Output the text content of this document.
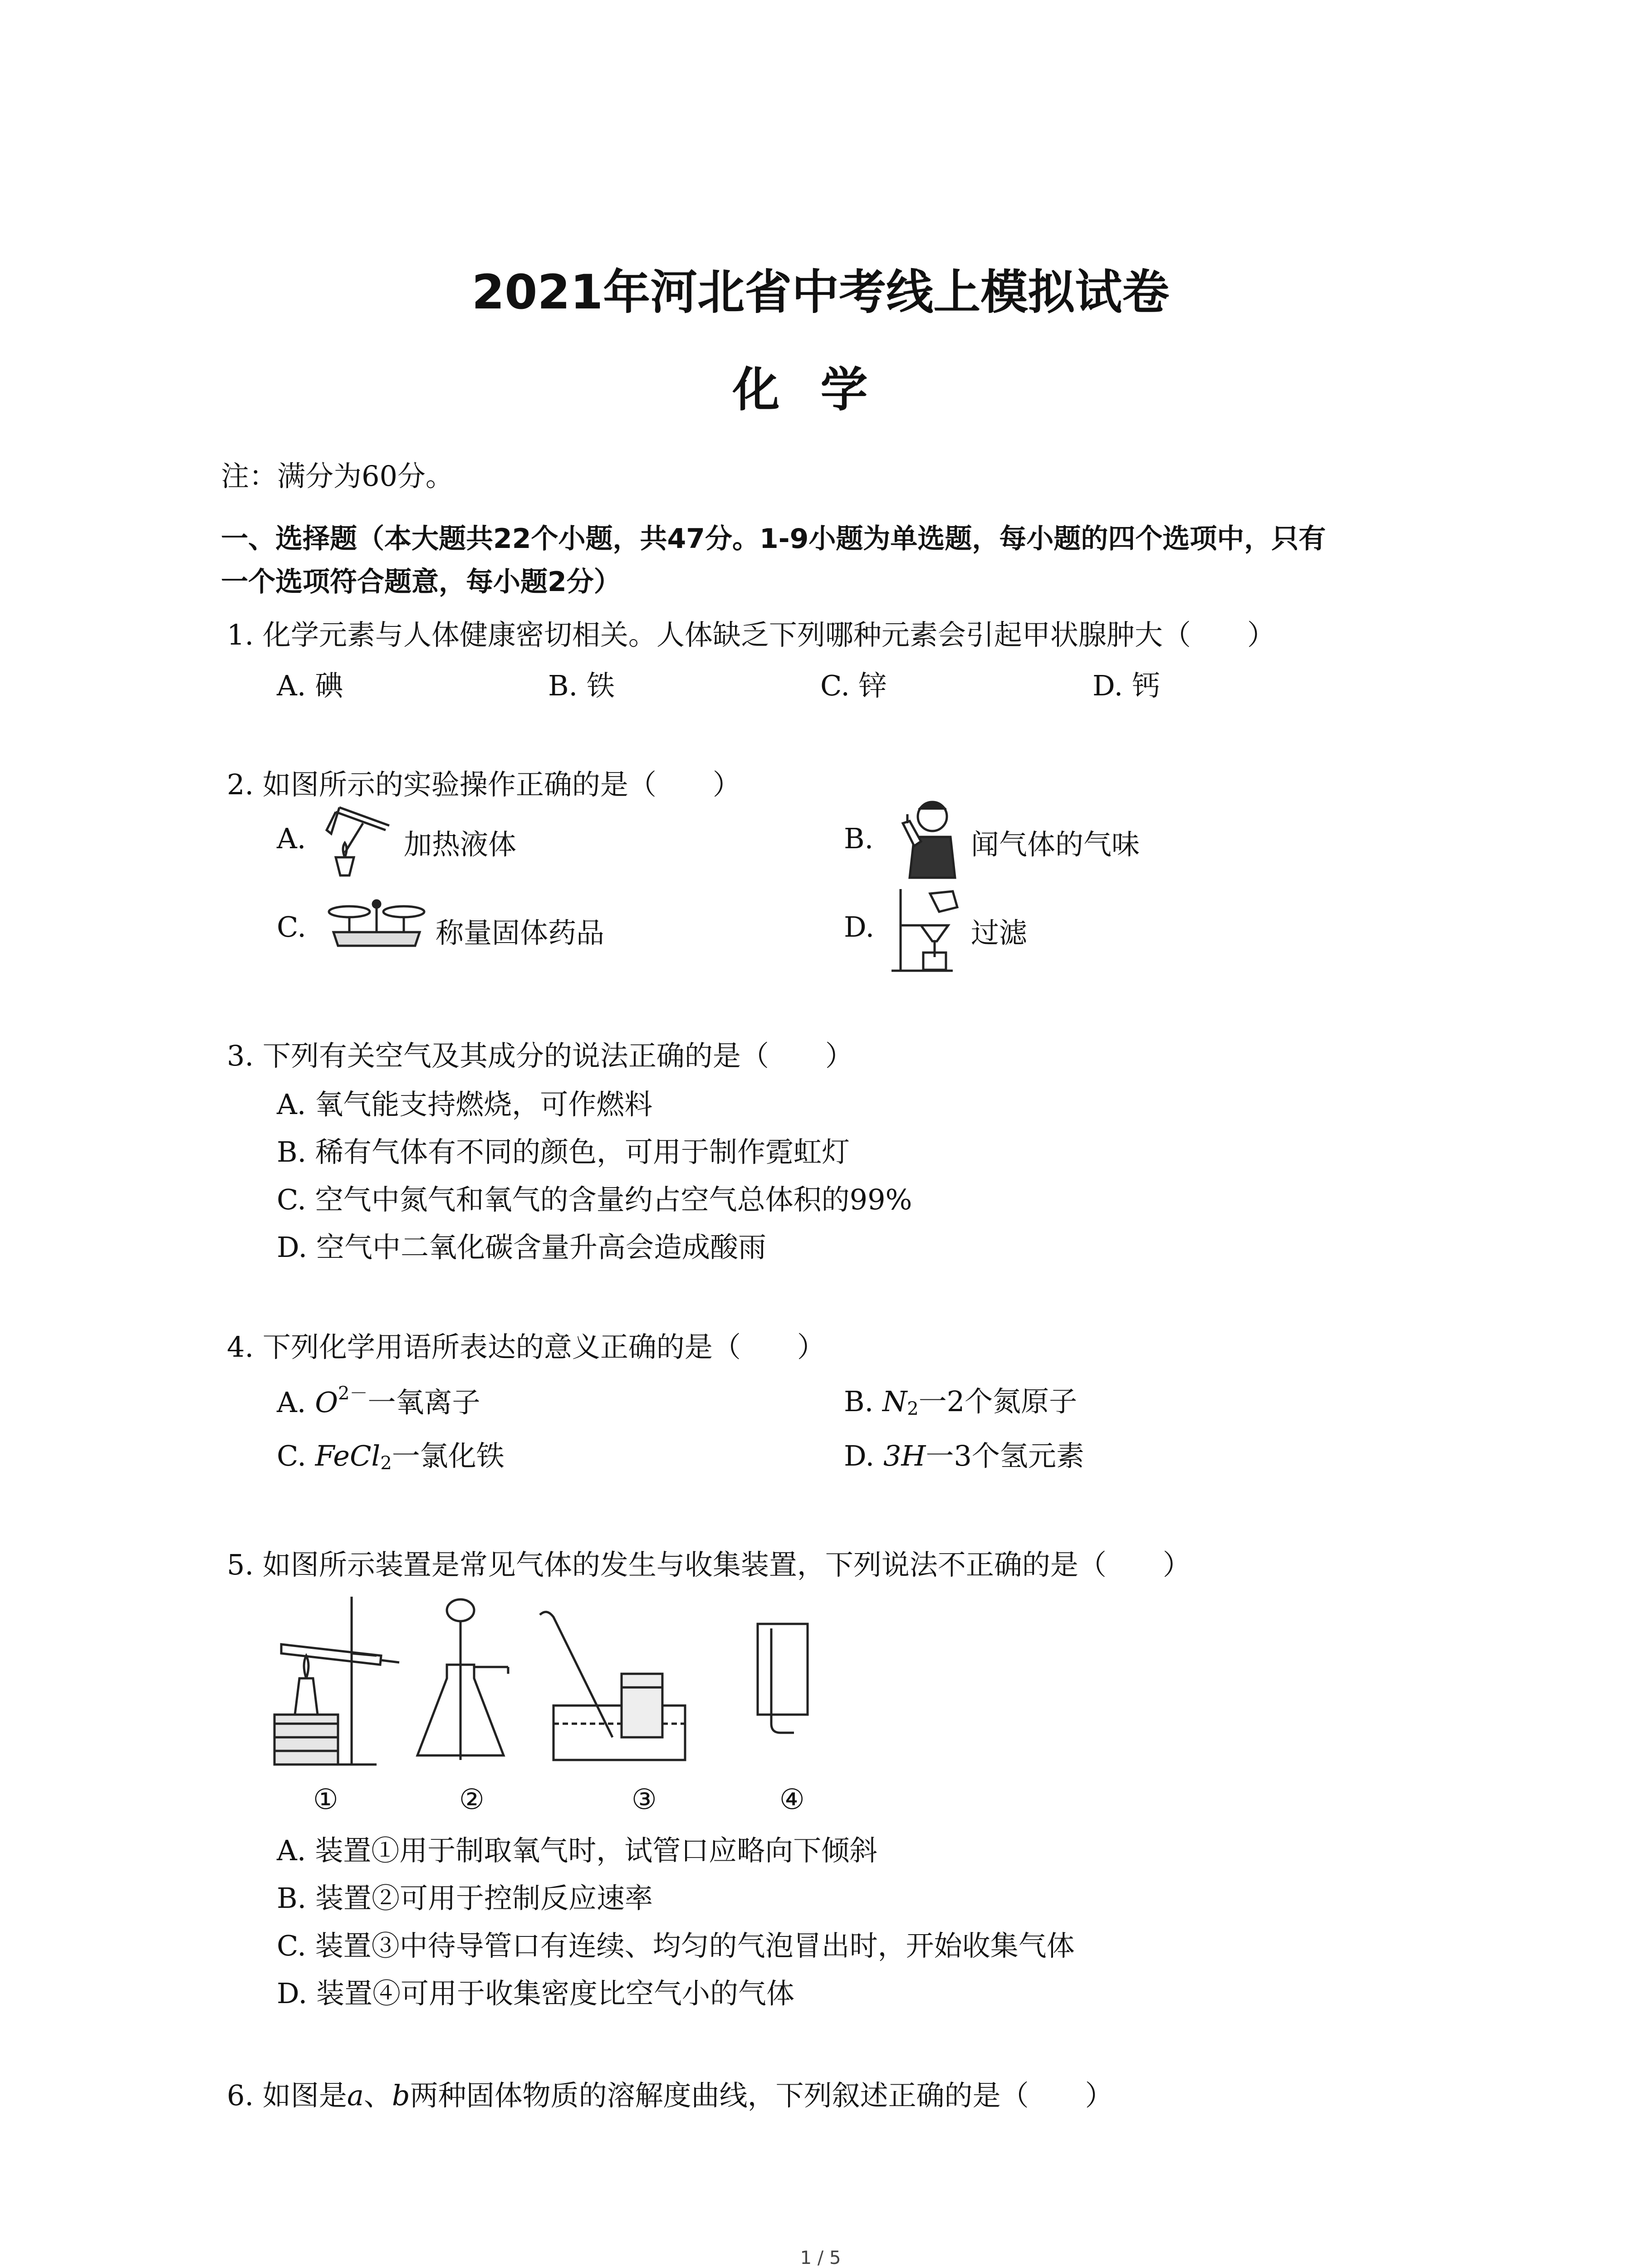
2021年河北省中考线上模拟试卷
化学
注：满分为60分。
一、选择题（本大题共22个小题，共47分。1-9小题为单选题，每小题的四个选项中，只有
一个选项符合题意，每小题2分）
1. 化学元素与人体健康密切相关。人体缺乏下列哪种元素会引起甲状腺肿大（　　）
A. 碘	B. 铁	C. 锌	D. 钙
2. 如图所示的实验操作正确的是（　　）
A.	加热液体	B.	闻气体的气味
C.	称量固体药品	D.	过滤
3. 下列有关空气及其成分的说法正确的是（　　）
A. 氧气能支持燃烧，可作燃料
B. 稀有气体有不同的颜色，可用于制作霓虹灯
C. 空气中氮气和氧气的含量约占空气总体积的99%
D. 空气中二氧化碳含量升高会造成酸雨
4. 下列化学用语所表达的意义正确的是（　　）
A. $O^{2-}$一氧离子	B. $N_2$一2个氮原子
C. FeCl$_2$一氯化铁	D. 3H一3个氢元素
5. 如图所示装置是常见气体的发生与收集装置，下列说法不正确的是（　　）
①	②	③	④
A. 装置①用于制取氧气时，试管口应略向下倾斜
B. 装置②可用于控制反应速率
C. 装置③中待导管口有连续、均匀的气泡冒出时，开始收集气体
D. 装置④可用于收集密度比空气小的气体
6. 如图是a、b两种固体物质的溶解度曲线，下列叙述正确的是（　　）
1 / 5
